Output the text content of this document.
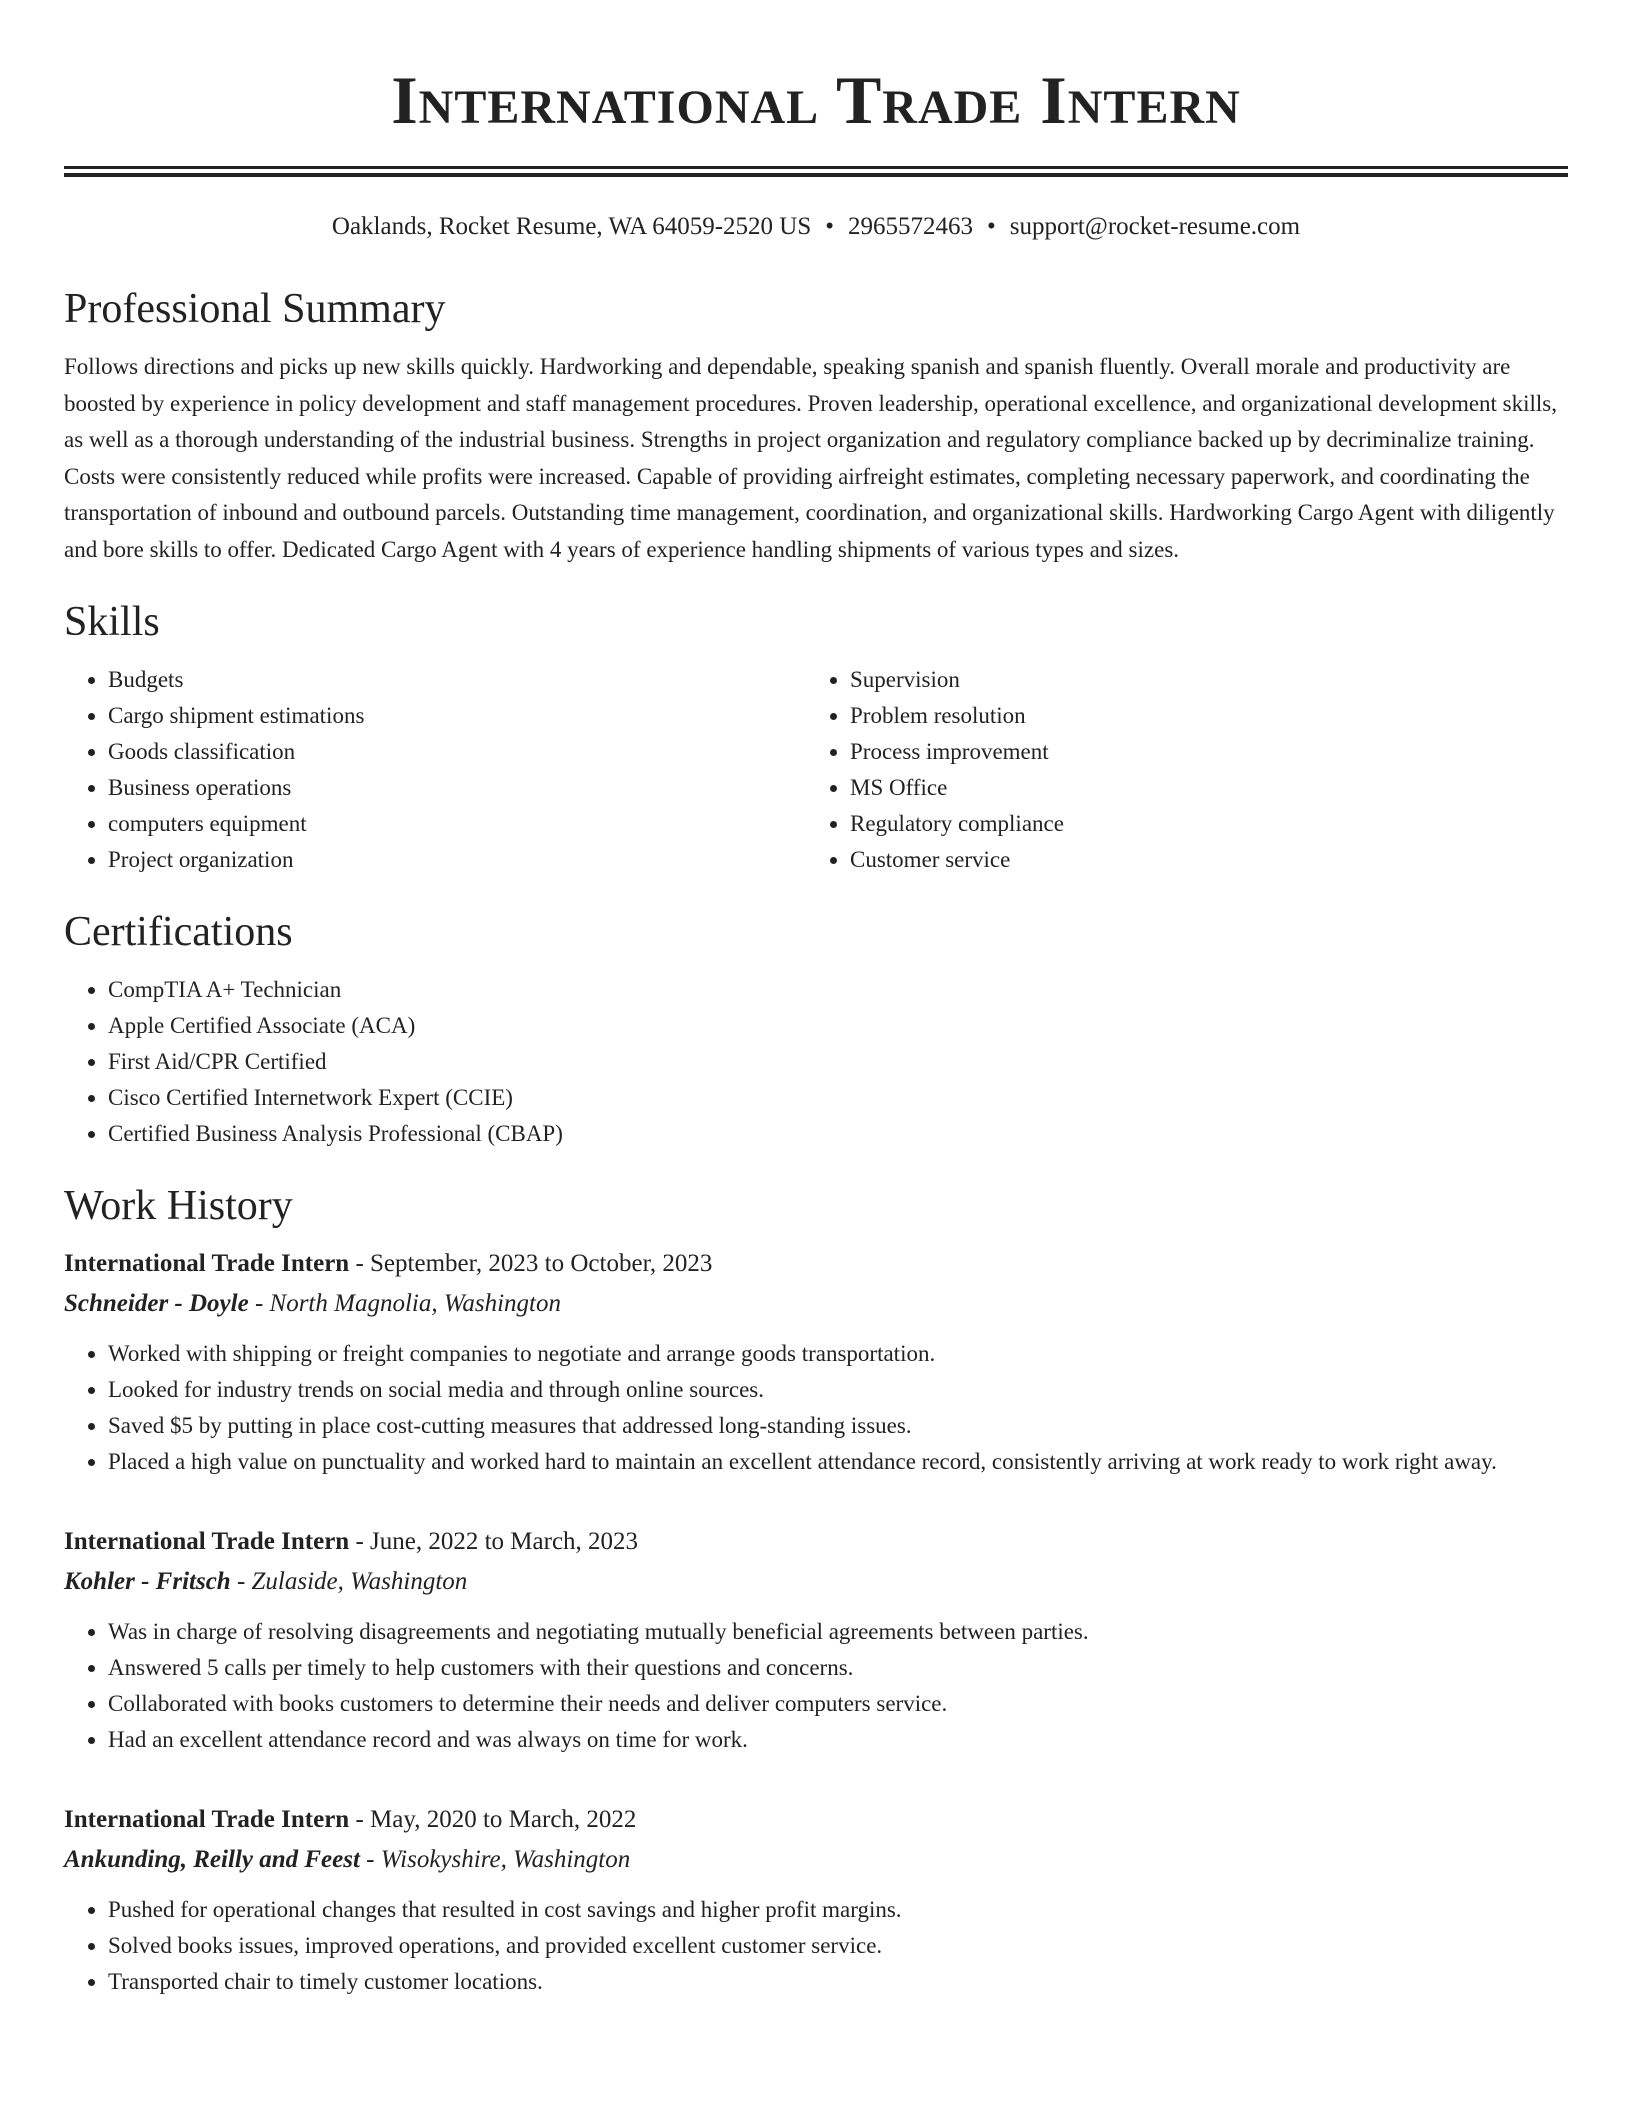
International Trade Intern
Oaklands, Rocket Resume, WA 64059-2520 US • 2965572463 • support@rocket-resume.com
Professional Summary

Follows directions and picks up new skills quickly. Hardworking and dependable, speaking spanish and spanish fluently. Overall morale and productivity are boosted by experience in policy development and staff management procedures. Proven leadership, operational excellence, and organizational development skills, as well as a thorough understanding of the industrial business. Strengths in project organization and regulatory compliance backed up by decriminalize training. Costs were consistently reduced while profits were increased. Capable of providing airfreight estimates, completing necessary paperwork, and coordinating the transportation of inbound and outbound parcels. Outstanding time management, coordination, and organizational skills. Hardworking Cargo Agent with diligently and bore skills to offer. Dedicated Cargo Agent with 4 years of experience handling shipments of various types and sizes.

Skills
• Budgets
• Cargo shipment estimations
• Goods classification
• Business operations
• computers equipment
• Project organization
• Supervision
• Problem resolution
• Process improvement
• MS Office
• Regulatory compliance
• Customer service
Certifications
• CompTIA A+ Technician
• Apple Certified Associate (ACA)
• First Aid/CPR Certified
• Cisco Certified Internetwork Expert (CCIE)
• Certified Business Analysis Professional (CBAP)
Work History
International Trade Intern - September, 2023 to October, 2023
Schneider - Doyle - North Magnolia, Washington
• Worked with shipping or freight companies to negotiate and arrange goods transportation.
• Looked for industry trends on social media and through online sources.
• Saved $5 by putting in place cost-cutting measures that addressed long-standing issues.
• Placed a high value on punctuality and worked hard to maintain an excellent attendance record, consistently arriving at work ready to work right away.
International Trade Intern - June, 2022 to March, 2023
Kohler - Fritsch - Zulaside, Washington
• Was in charge of resolving disagreements and negotiating mutually beneficial agreements between parties.
• Answered 5 calls per timely to help customers with their questions and concerns.
• Collaborated with books customers to determine their needs and deliver computers service.
• Had an excellent attendance record and was always on time for work.
International Trade Intern - May, 2020 to March, 2022
Ankunding, Reilly and Feest - Wisokyshire, Washington
• Pushed for operational changes that resulted in cost savings and higher profit margins.
• Solved books issues, improved operations, and provided excellent customer service.
• Transported chair to timely customer locations.
